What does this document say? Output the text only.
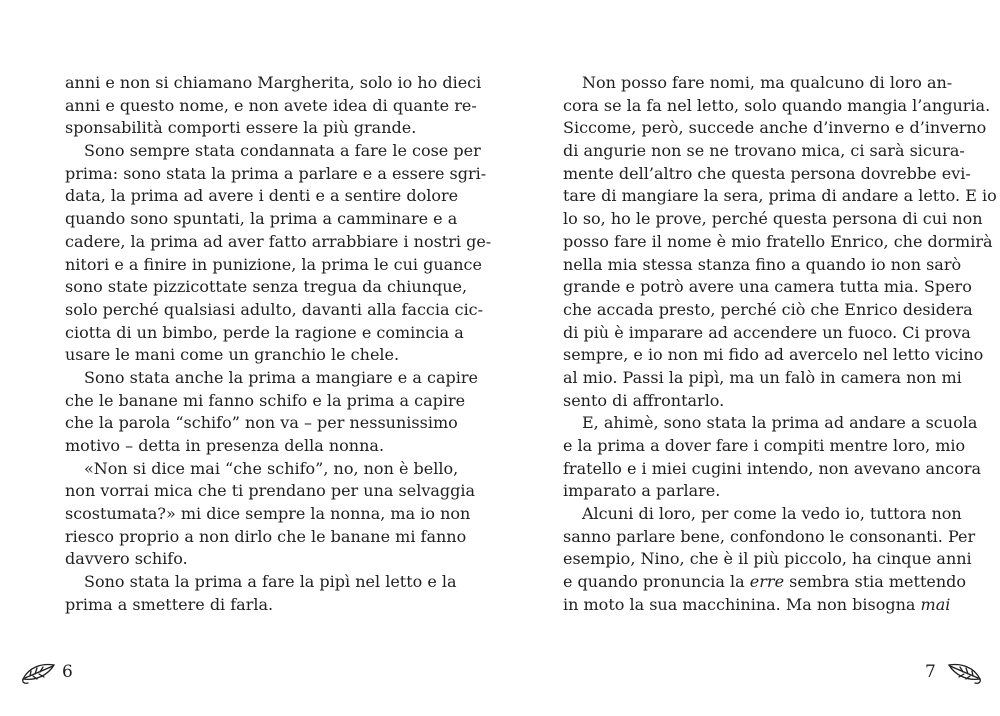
anni e non si chiamano Margherita, solo io ho dieci
anni e questo nome, e non avete idea di quante re-
sponsabilità comporti essere la più grande.
Sono sempre stata condannata a fare le cose per
prima: sono stata la prima a parlare e a essere sgri-
data, la prima ad avere i denti e a sentire dolore
quando sono spuntati, la prima a camminare e a
cadere, la prima ad aver fatto arrabbiare i nostri ge-
nitori e a finire in punizione, la prima le cui guance
sono state pizzicottate senza tregua da chiunque,
solo perché qualsiasi adulto, davanti alla faccia cic-
ciotta di un bimbo, perde la ragione e comincia a
usare le mani come un granchio le chele.
Sono stata anche la prima a mangiare e a capire
che le banane mi fanno schifo e la prima a capire
che la parola “schifo” non va – per nessunissimo
motivo – detta in presenza della nonna.
«Non si dice mai “che schifo”, no, non è bello,
non vorrai mica che ti prendano per una selvaggia
scostumata?» mi dice sempre la nonna, ma io non
riesco proprio a non dirlo che le banane mi fanno
davvero schifo.
Sono stata la prima a fare la pipì nel letto e la
prima a smettere di farla.
Non posso fare nomi, ma qualcuno di loro an-
cora se la fa nel letto, solo quando mangia l’anguria.
Siccome, però, succede anche d’inverno e d’inverno
di angurie non se ne trovano mica, ci sarà sicura-
mente dell’altro che questa persona dovrebbe evi-
tare di mangiare la sera, prima di andare a letto. E io
lo so, ho le prove, perché questa persona di cui non
posso fare il nome è mio fratello Enrico, che dormirà
nella mia stessa stanza fino a quando io non sarò
grande e potrò avere una camera tutta mia. Spero
che accada presto, perché ciò che Enrico desidera
di più è imparare ad accendere un fuoco. Ci prova
sempre, e io non mi fido ad avercelo nel letto vicino
al mio. Passi la pipì, ma un falò in camera non mi
sento di affrontarlo.
E, ahimè, sono stata la prima ad andare a scuola
e la prima a dover fare i compiti mentre loro, mio
fratello e i miei cugini intendo, non avevano ancora
imparato a parlare.
Alcuni di loro, per come la vedo io, tuttora non
sanno parlare bene, confondono le consonanti. Per
esempio, Nino, che è il più piccolo, ha cinque anni
e quando pronuncia la erre sembra stia mettendo
in moto la sua macchinina. Ma non bisogna mai
6	7
